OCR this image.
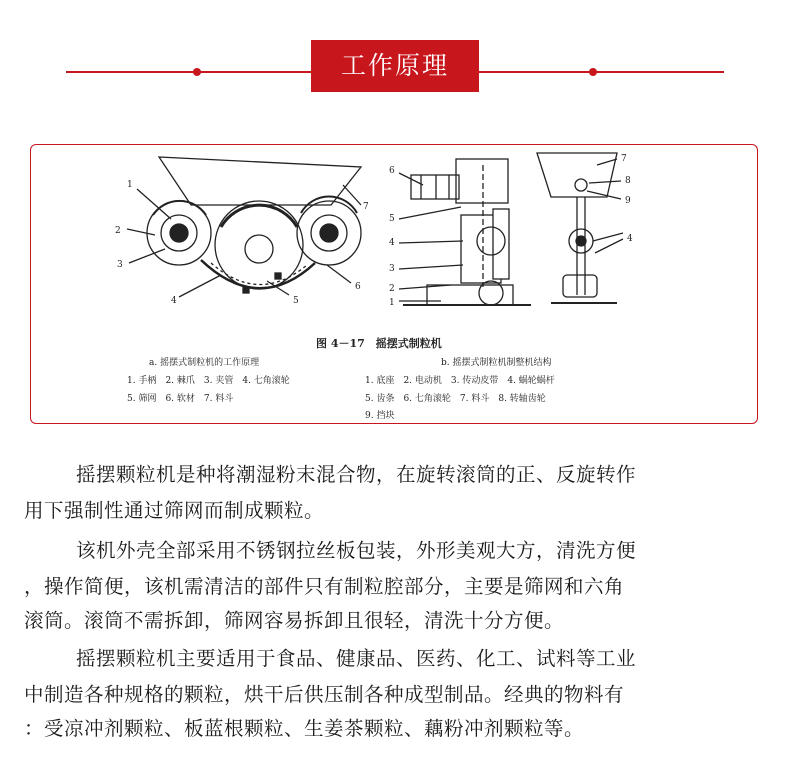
工作原理
1
2
3
4	5
6
7
6
5
4
3
2
1
7
8
9
4
图 4－17　摇摆式制粒机
a. 摇摆式制粒机的工作原理	b. 摇摆式制粒机制整机结构
1. 手柄　2. 棘爪　3. 夹管　4. 七角滚轮
5. 筛网　6. 软材　7. 料斗
1. 底座　2. 电动机　3. 传动皮带　4. 蜗轮蜗杆
5. 齿条　6. 七角滚轮　7. 料斗　8. 转轴齿轮
9. 挡块
摇摆颗粒机是种将潮湿粉末混合物，在旋转滚筒的正、反旋转作
用下强制性通过筛网而制成颗粒。
该机外壳全部采用不锈钢拉丝板包装，外形美观大方，清洗方便
，操作简便，该机需清洁的部件只有制粒腔部分，主要是筛网和六角
滚筒。滚筒不需拆卸，筛网容易拆卸且很轻，清洗十分方便。
摇摆颗粒机主要适用于食品、健康品、医药、化工、试料等工业
中制造各种规格的颗粒，烘干后供压制各种成型制品。经典的物料有
：受凉冲剂颗粒、板蓝根颗粒、生姜茶颗粒、藕粉冲剂颗粒等。
